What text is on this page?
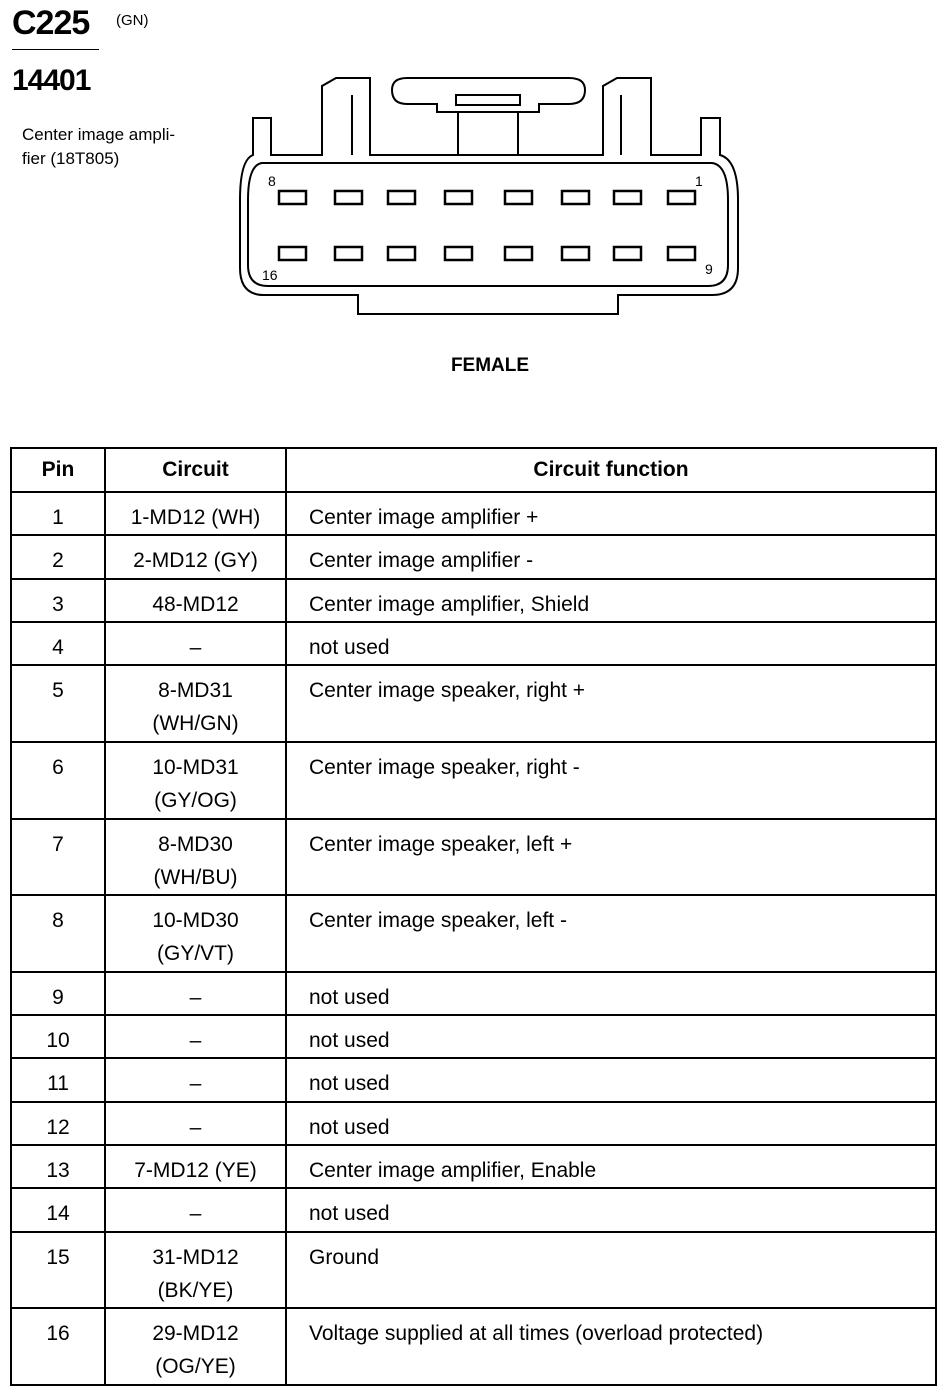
C225 (GN)
14401
Center image ampli-
fier (18T805)
8	1
16	9
FEMALE
Pin	Circuit	Circuit function

1	1-MD12 (WH)	Center image amplifier +

2	2-MD12 (GY)	Center image amplifier -

3	48-MD12	Center image amplifier, Shield

4	–	not used

5	8-MD31
(WH/GN)	Center image speaker, right +

6	10-MD31
(GY/OG)	Center image speaker, right -

7	8-MD30
(WH/BU)	Center image speaker, left +

8	10-MD30
(GY/VT)	Center image speaker, left -

9	–	not used

10	–	not used

11	–	not used

12	–	not used

13	7-MD12 (YE)	Center image amplifier, Enable

14	–	not used

15	31-MD12
(BK/YE)	Ground

16	29-MD12
(OG/YE)	Voltage supplied at all times (overload protected)
